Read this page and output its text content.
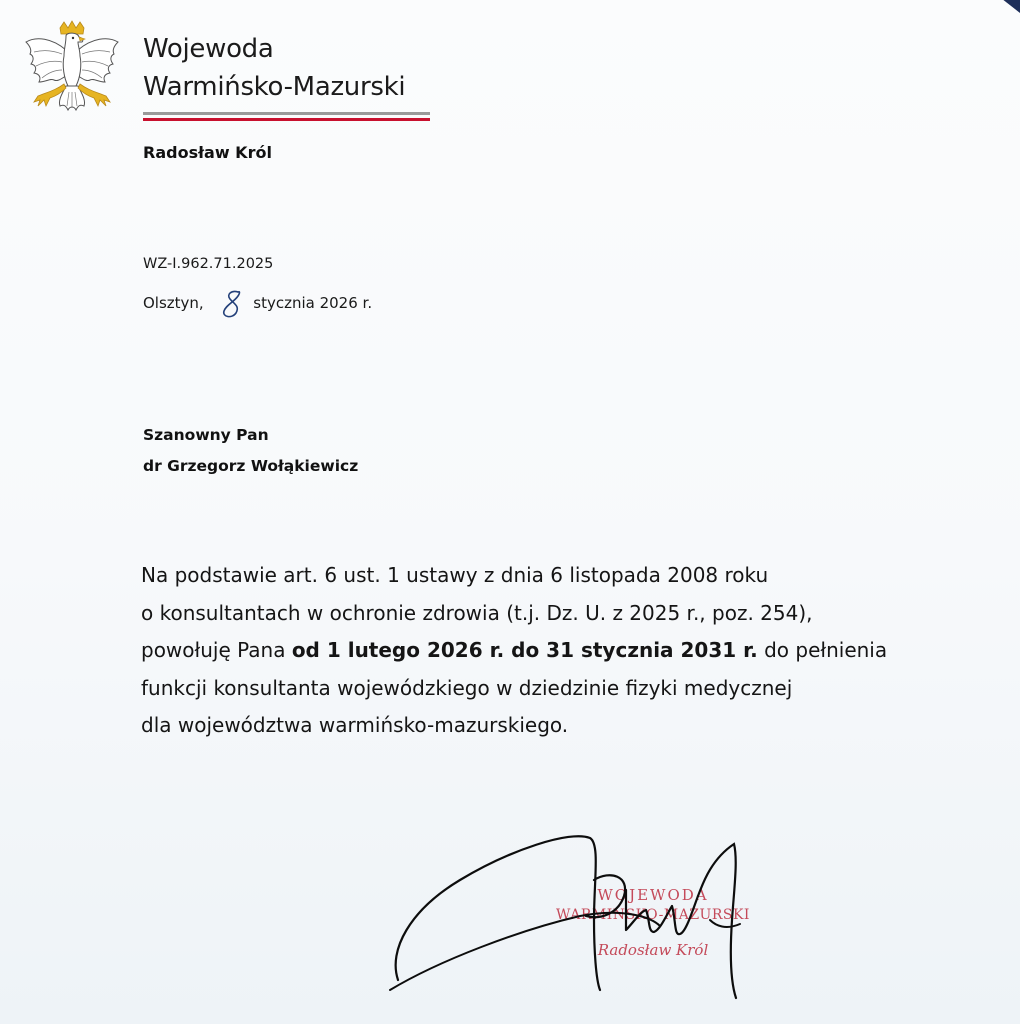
Wojewoda
Warmińsko-Mazurski
Radosław Król
WZ-I.962.71.2025
Olsztyn,	stycznia 2026 r.
Szanowny Pan
dr Grzegorz Wołąkiewicz
Na podstawie art. 6 ust. 1 ustawy z dnia 6 listopada 2008 roku
o konsultantach w ochronie zdrowia (t.j. Dz. U. z 2025 r., poz. 254),
powołuję Pana od 1 lutego 2026 r. do 31 stycznia 2031 r. do pełnienia
funkcji konsultanta wojewódzkiego w dziedzinie fizyki medycznej
dla województwa warmińsko-mazurskiego.
WOJEWODA
WARMIŃSKO-MAZURSKI
Radosław Król
